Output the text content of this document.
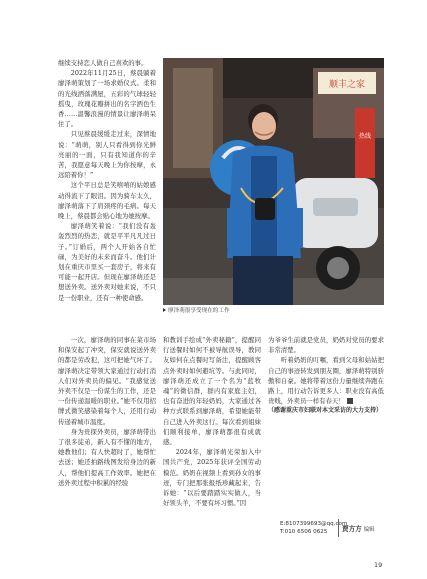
继续支持恋人做自己喜欢的事。

2022年11月25日，蔡晨躺着廖泽萌策划了一场求婚仪式。柔和的光线洒落满屋，五彩的气球轻轻摇曳，玫瑰花瓣拼出的名字洒色生香……温馨浪漫的情景让廖泽萌呆住了。

只见蔡晨缓缓走过来，深情地说：“萌萌，别人只看得到你光鲜亮丽的一面，只有我知道你的辛苦，我愿意每天晚上为你按摩，永远陪着你！”

这个平日总是笑嘻嘻的姑娘感动得流下了眼泪。因为骑车太久，廖泽萌落下了肩颈疼的毛病。每天晚上，蔡晨都会贴心地为她按摩。

廖泽萌笑着说：“我们没有轰轰烈烈的热恋，就是平平凡凡过日子。”订婚后，两个人开始各自忙碌，为美好的未来而奋斗。他们计划在重庆市里买一套房子，将来有可能一起开店。但现在廖泽萌还是想送外卖。送外卖对她来说，不只是一份职业，还有一种使命感。

顺丰之家
热线
廖泽萌很享受现在的工作

一次，廖泽萌的同事在菜市场和保安起了冲突，保安就说送外卖的都是劳改犯，这可把她气坏了。廖泽萌决定带领大家通过行动打消人们对外卖员的偏见。“我感觉送外卖不仅是一份谋生的工作，还是一份传递温暖的职业。”她不仅用招牌式微笑感染着每个人，还用行动传递着城市温度。

身为贵探外卖员，廖泽萌带出了很多徒弟，新人有不懂的地方，她教他们；有人快超时了，她帮忙去送；她还拍路线图发给身边的新人，帮他们提高工作效率。她把在送外卖过程中积累的经验

和教训手绘成“外卖秘籍”，提醒同行送餐时如何不被导航误导，教同友如何在点餐时写备注，提醒顾客点外卖时如何避坑等。与此同时，廖泽萌还成立了一个名为“蓝牧魂”的微信群，群内有家庭主妇，也有奋进的年轻奶妈，大家通过各种方式联系到廖泽萌，希望她能带自己进入外卖这行。每次看到姐妹们顺利接单，廖泽萌都很有成就感。

2024年，廖泽萌光荣加入中国共产党，2025年获评全国劳动模范。奶奶在视频上看到孙女的事迹，专门把那张报纸珍藏起来，告诉她：“以后要踏踏实实做人，当好领头羊，不要有坏习惯。”因

为爷爷生前就是党员，奶奶对党员的要求非常清楚。

听着奶奶的叮嘱，看到父母和姑姑把自己的事迹转发到朋友圈，廖泽萌特别骄傲和自豪。她将带着这份力量继续奔跑在路上，用行动告诉更多人：职业没有高低贵贱，外卖员一样有春天！

（感谢重庆市妇联对本文采访的大力支持）

E:8107399693@qq.com
T:010 6506 0625	贾方方 编辑
19
